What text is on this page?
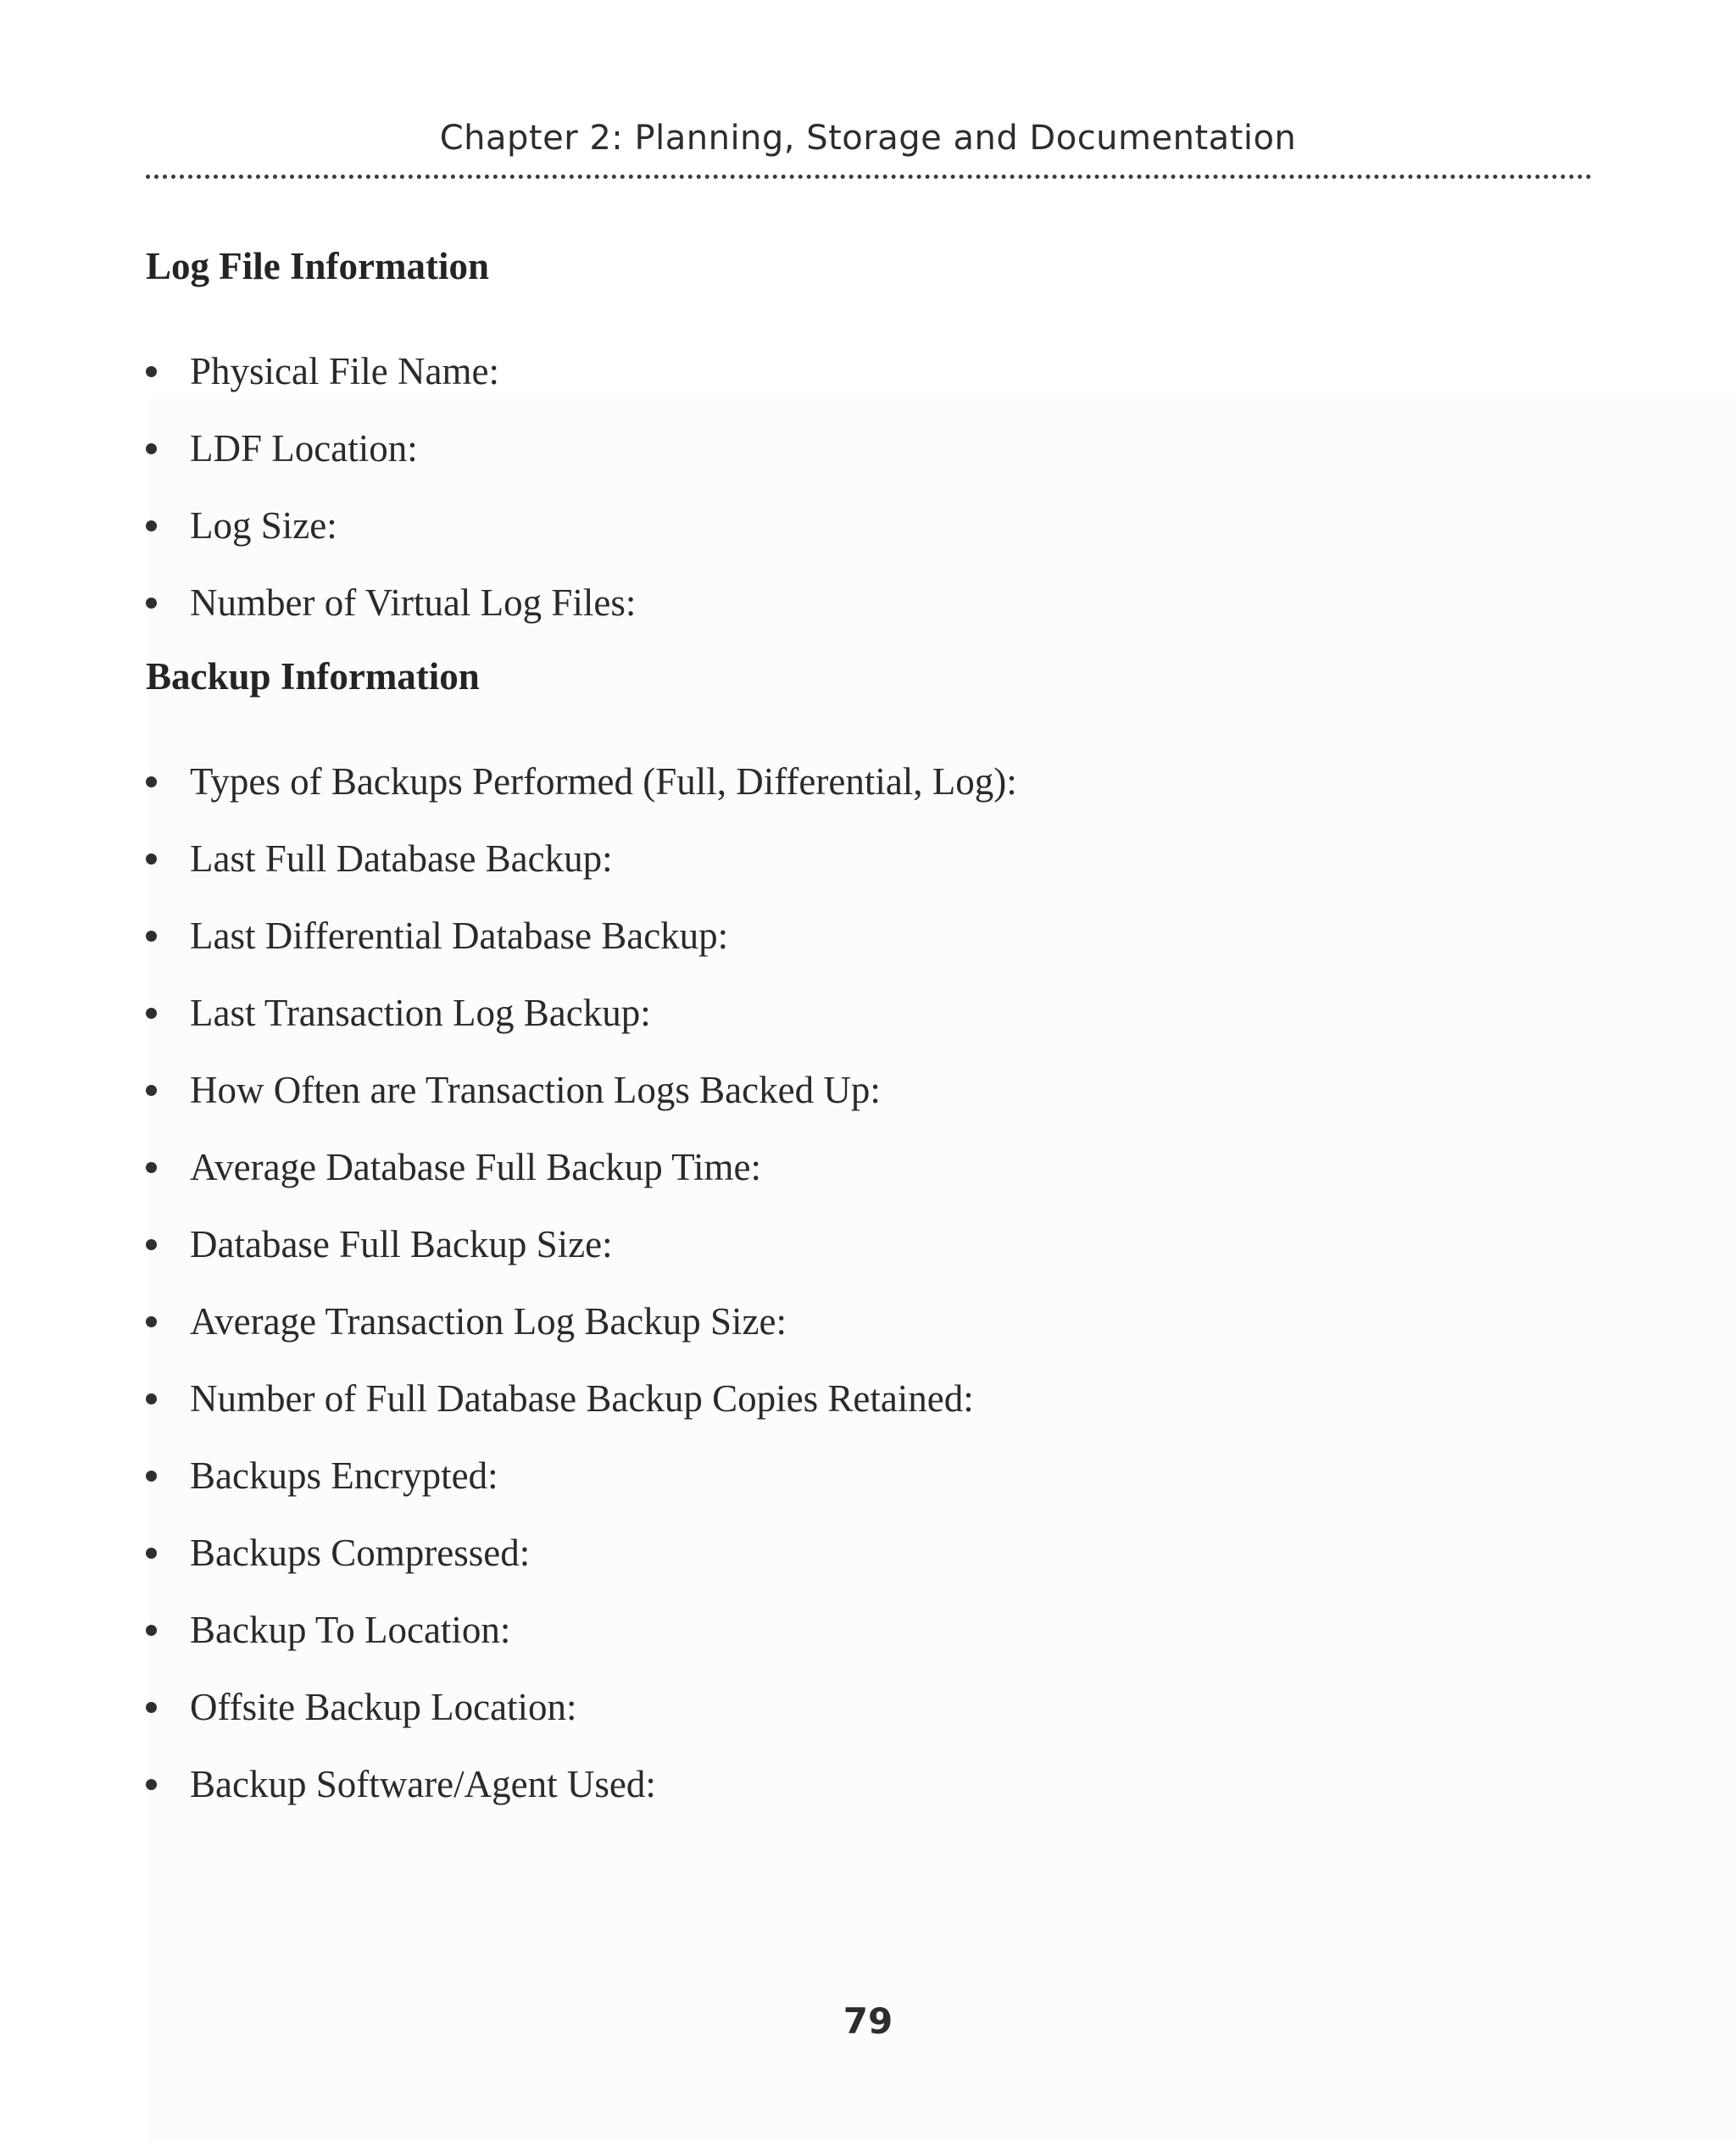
Chapter 2: Planning, Storage and Documentation
Log File Information
Physical File Name:
LDF Location:
Log Size:
Number of Virtual Log Files:
Backup Information
Types of Backups Performed (Full, Differential, Log):
Last Full Database Backup:
Last Differential Database Backup:
Last Transaction Log Backup:
How Often are Transaction Logs Backed Up:
Average Database Full Backup Time:
Database Full Backup Size:
Average Transaction Log Backup Size:
Number of Full Database Backup Copies Retained:
Backups Encrypted:
Backups Compressed:
Backup To Location:
Offsite Backup Location:
Backup Software/Agent Used:
79
